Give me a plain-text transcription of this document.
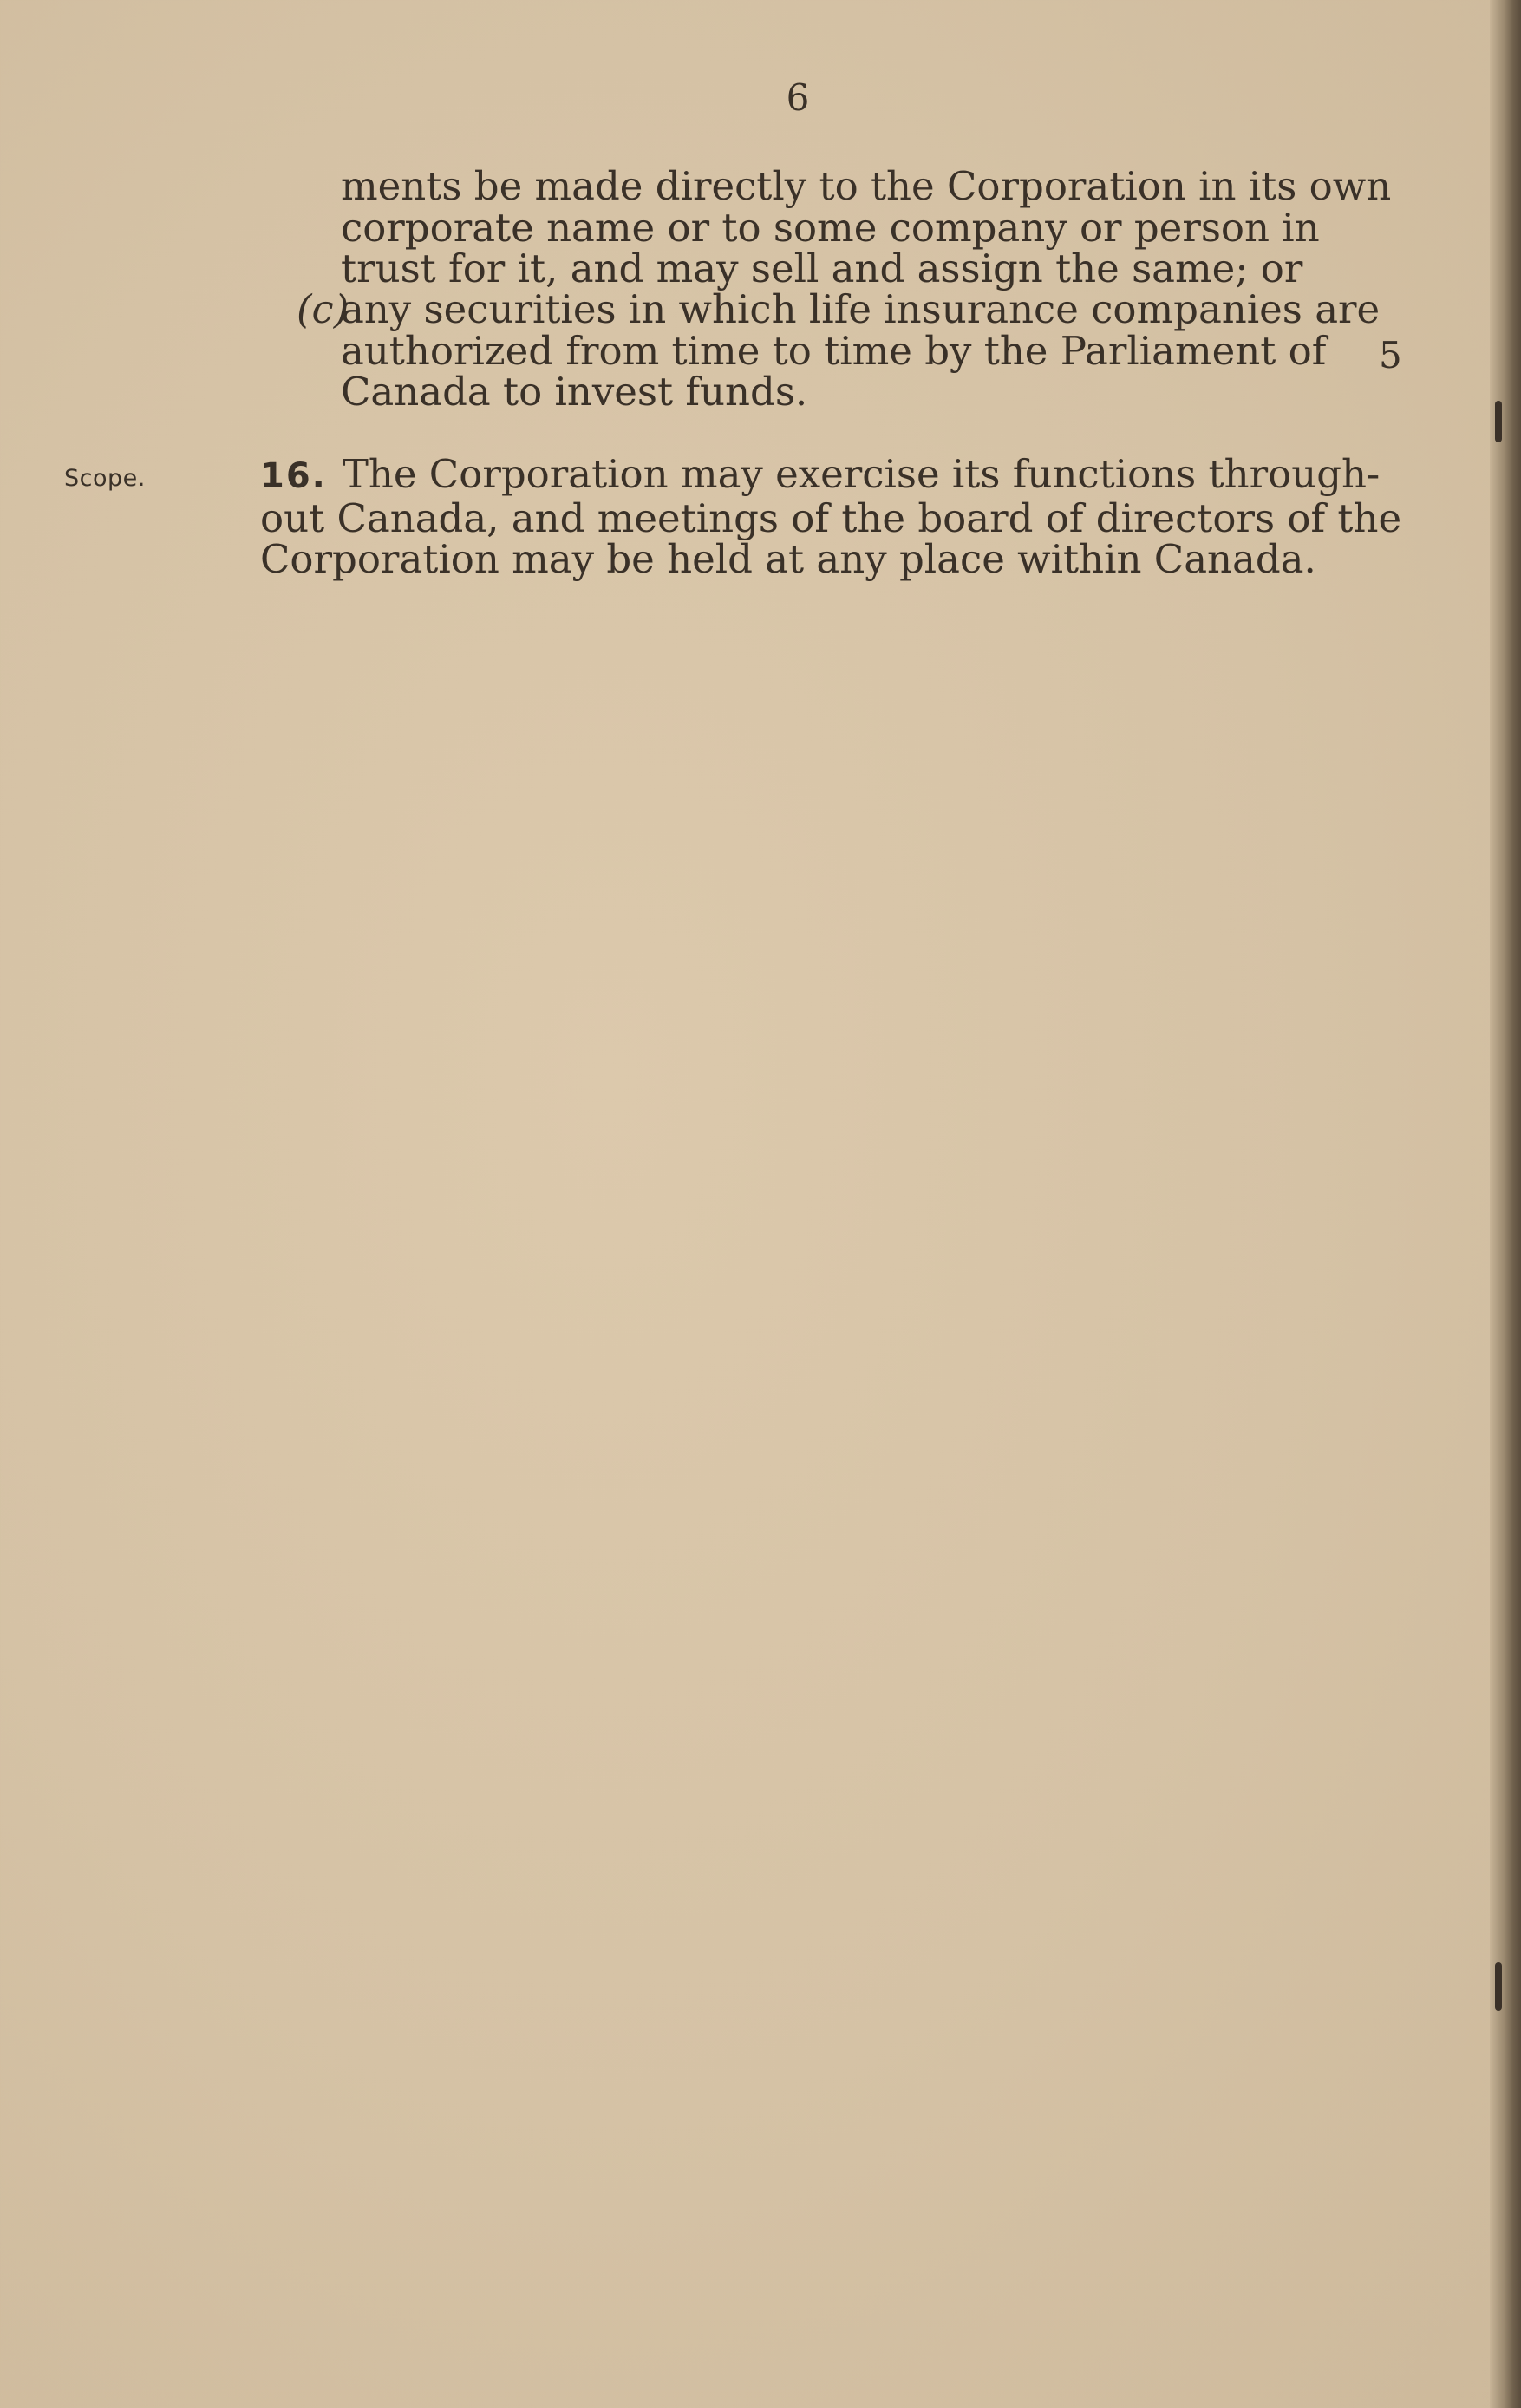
6
ments be made directly to the Corporation in its own
corporate name or to some company or person in
trust for it, and may sell and assign the same; or
(c)
any securities in which life insurance companies are
authorized from time to time by the Parliament of
Canada to invest funds.
5
Scope.	16. The Corporation may exercise its functions through-
out Canada, and meetings of the board of directors of the
Corporation may be held at any place within Canada.
